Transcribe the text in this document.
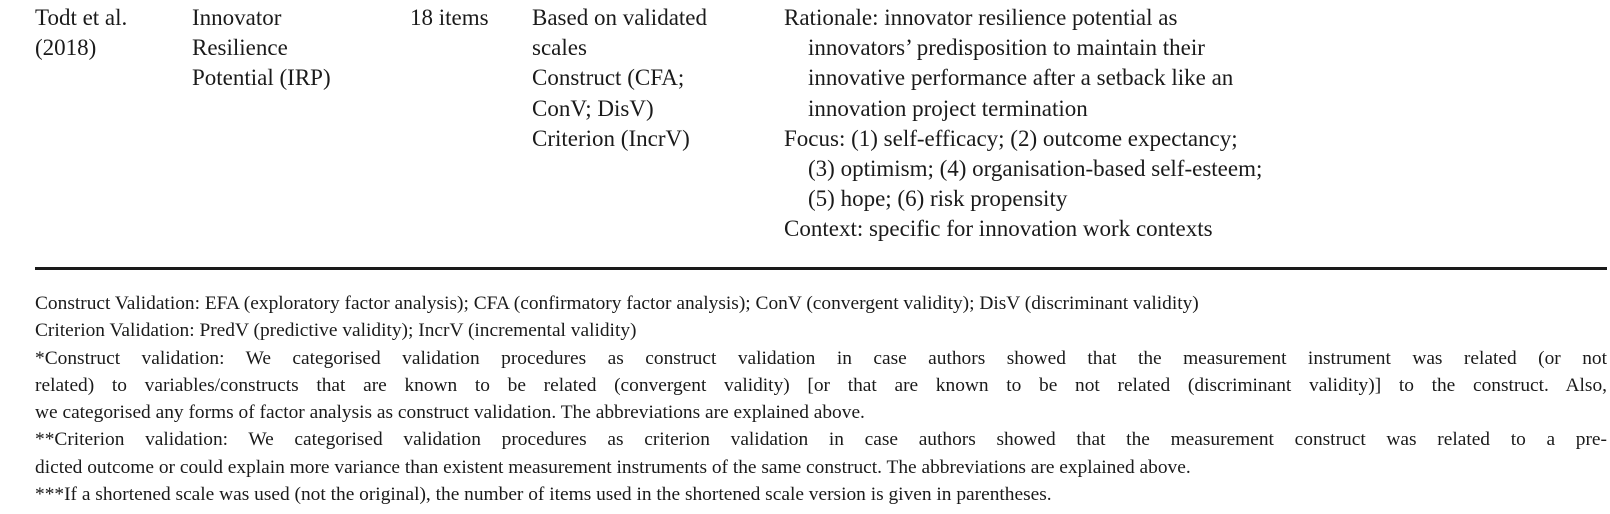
Todt et al.
(2018)
Innovator
Resilience
Potential (IRP)
18 items	Based on validated
scales
Construct (CFA;
ConV; DisV)
Criterion (IncrV)
Rationale: innovator resilience potential as
innovators’ predisposition to maintain their
innovative performance after a setback like an
innovation project termination
Focus: (1) self-efficacy; (2) outcome expectancy;
(3) optimism; (4) organisation-based self-esteem;
(5) hope; (6) risk propensity
Context: specific for innovation work contexts
Construct Validation: EFA (exploratory factor analysis); CFA (confirmatory factor analysis); ConV (convergent validity); DisV (discriminant validity)
Criterion Validation: PredV (predictive validity); IncrV (incremental validity)
*Construct validation: We categorised validation procedures as construct validation in case authors showed that the measurement instrument was related (or not
related) to variables/constructs that are known to be related (convergent validity) [or that are known to be not related (discriminant validity)] to the construct. Also,
we categorised any forms of factor analysis as construct validation. The abbreviations are explained above.
**Criterion validation: We categorised validation procedures as criterion validation in case authors showed that the measurement construct was related to a pre-
dicted outcome or could explain more variance than existent measurement instruments of the same construct. The abbreviations are explained above.
***If a shortened scale was used (not the original), the number of items used in the shortened scale version is given in parentheses.
